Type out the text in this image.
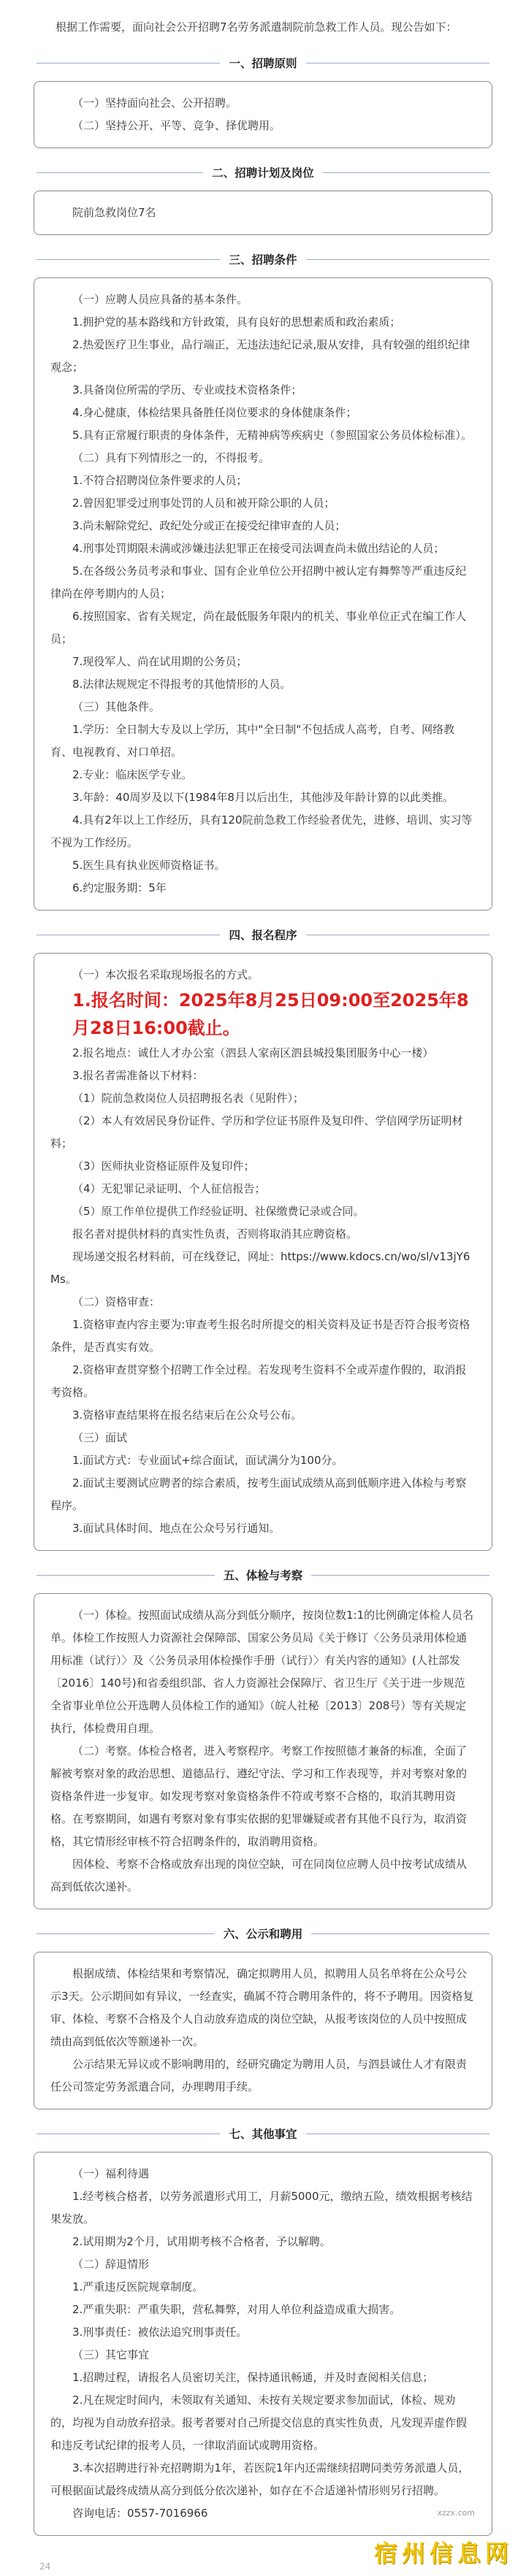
根据工作需要，面向社会公开招聘7名劳务派遣制院前急救工作人员。现公告如下：
一、招聘原则

（一）坚持面向社会、公开招聘。

（二）坚持公开、平等、竞争、择优聘用。

二、招聘计划及岗位

院前急救岗位7名

三、招聘条件

（一）应聘人员应具备的基本条件。

1.拥护党的基本路线和方针政策，具有良好的思想素质和政治素质；

2.热爱医疗卫生事业，品行端正，无违法违纪记录,服从安排，具有较强的组织纪律观念；

3.具备岗位所需的学历、专业或技术资格条件；

4.身心健康，体检结果具备胜任岗位要求的身体健康条件；

5.具有正常履行职责的身体条件，无精神病等疾病史（参照国家公务员体检标准）。

（二）具有下列情形之一的，不得报考。

1.不符合招聘岗位条件要求的人员；

2.曾因犯罪受过刑事处罚的人员和被开除公职的人员；

3.尚未解除党纪、政纪处分或正在接受纪律审查的人员；

4.刑事处罚期限未满或涉嫌违法犯罪正在接受司法调查尚未做出结论的人员；

5.在各级公务员考录和事业、国有企业单位公开招聘中被认定有舞弊等严重违反纪律尚在停考期内的人员；

6.按照国家、省有关规定，尚在最低服务年限内的机关、事业单位正式在编工作人员；

7.现役军人、尚在试用期的公务员；

8.法律法规规定不得报考的其他情形的人员。

（三）其他条件。

1.学历：全日制大专及以上学历，其中"全日制"不包括成人高考，自考、网络教育、电视教育、对口单招。

2.专业：临床医学专业。

3.年龄：40周岁及以下(1984年8月以后出生，其他涉及年龄计算的以此类推。

4.具有2年以上工作经历，具有120院前急救工作经验者优先，进修、培训、实习等不视为工作经历。

5.医生具有执业医师资格证书。

6.约定服务期：5年

四、报名程序

（一）本次报名采取现场报名的方式。

1.报名时间：2025年8月25日09:00至2025年8月28日16:00截止。

2.报名地点：诚仕人才办公室（泗县人家南区泗县城投集团服务中心一楼）

3.报名者需准备以下材料：

（1）院前急救岗位人员招聘报名表（见附件）；

（2）本人有效居民身份证件、学历和学位证书原件及复印件、学信网学历证明材料；

（3）医师执业资格证原件及复印件；

（4）无犯罪记录证明、个人征信报告；

（5）原工作单位提供工作经验证明、社保缴费记录或合同。

报名者对提供材料的真实性负责，否则将取消其应聘资格。

现场递交报名材料前，可在线登记，网址：https://www.kdocs.cn/wo/sl/v13jY6Ms。

（二）资格审查：

1.资格审查内容主要为:审查考生报名时所提交的相关资料及证书是否符合报考资格条件，是否真实有效。

2.资格审查贯穿整个招聘工作全过程。若发现考生资料不全或弄虚作假的，取消报考资格。

3.资格审查结果将在报名结束后在公众号公布。

（三）面试

1.面试方式：专业面试+综合面试，面试满分为100分。

2.面试主要测试应聘者的综合素质，按考生面试成绩从高到低顺序进入体检与考察程序。

3.面试具体时间、地点在公众号另行通知。

五、体检与考察

（一）体检。按照面试成绩从高分到低分顺序，按岗位数1:1的比例确定体检人员名单。体检工作按照人力资源社会保障部、国家公务员局《关于修订〈公务员录用体检通用标准（试行）〉及〈公务员录用体检操作手册（试行）〉有关内容的通知》(人社部发〔2016〕140号)和省委组织部、省人力资源社会保障厅、省卫生厅《关于进一步规范全省事业单位公开选聘人员体检工作的通知》（皖人社秘〔2013〕208号）等有关规定执行，体检费用自理。

（二）考察。体检合格者，进入考察程序。考察工作按照德才兼备的标准，全面了解被考察对象的政治思想、道德品行、遵纪守法、学习和工作表现等，并对考察对象的资格条件进一步复审。如发现考察对象资格条件不符或考察不合格的，取消其聘用资格。在考察期间，如遇有考察对象有事实依据的犯罪嫌疑或者有其他不良行为，取消资格，其它情形经审核不符合招聘条件的，取消聘用资格。

因体检、考察不合格或放弃出现的岗位空缺，可在同岗位应聘人员中按考试成绩从高到低依次递补。

六、公示和聘用

根据成绩、体检结果和考察情况，确定拟聘用人员，拟聘用人员名单将在公众号公示3天。公示期间如有异议，一经查实，确属不符合聘用条件的，将不予聘用。因资格复审、体检、考察不合格及个人自动放弃造成的岗位空缺，从报考该岗位的人员中按照成绩由高到低依次等额递补一次。

公示结果无异议或不影响聘用的，经研究确定为聘用人员，与泗县诚仕人才有限责任公司签定劳务派遣合同，办理聘用手续。

七、其他事宜

（一）福利待遇

1.经考核合格者，以劳务派遣形式用工，月薪5000元，缴纳五险，绩效根据考核结果发放。

2.试用期为2个月，试用期考核不合格者，予以解聘。

（二）辞退情形

1.严重违反医院规章制度。

2.严重失职：严重失职，营私舞弊，对用人单位利益造成重大损害。

3.刑事责任：被依法追究刑事责任。

（三）其它事宜

1.招聘过程，请报名人员密切关注，保持通讯畅通，并及时查阅相关信息；

2.凡在规定时间内，未领取有关通知、未按有关规定要求参加面试，体检、规劝的，均视为自动放弃招录。报考者要对自己所提交信息的真实性负责，凡发现弄虚作假和违反考试纪律的报考人员，一律取消面试或聘用资格。

3.本次招聘进行补充招聘期为1年，若医院1年内还需继续招聘同类劳务派遣人员，可根据面试最终成绩从高分到低分依次递补，如存在不合适递补情形则另行招聘。

咨询电话：0557-7016966

24
xzzx.com
宿州信息网
